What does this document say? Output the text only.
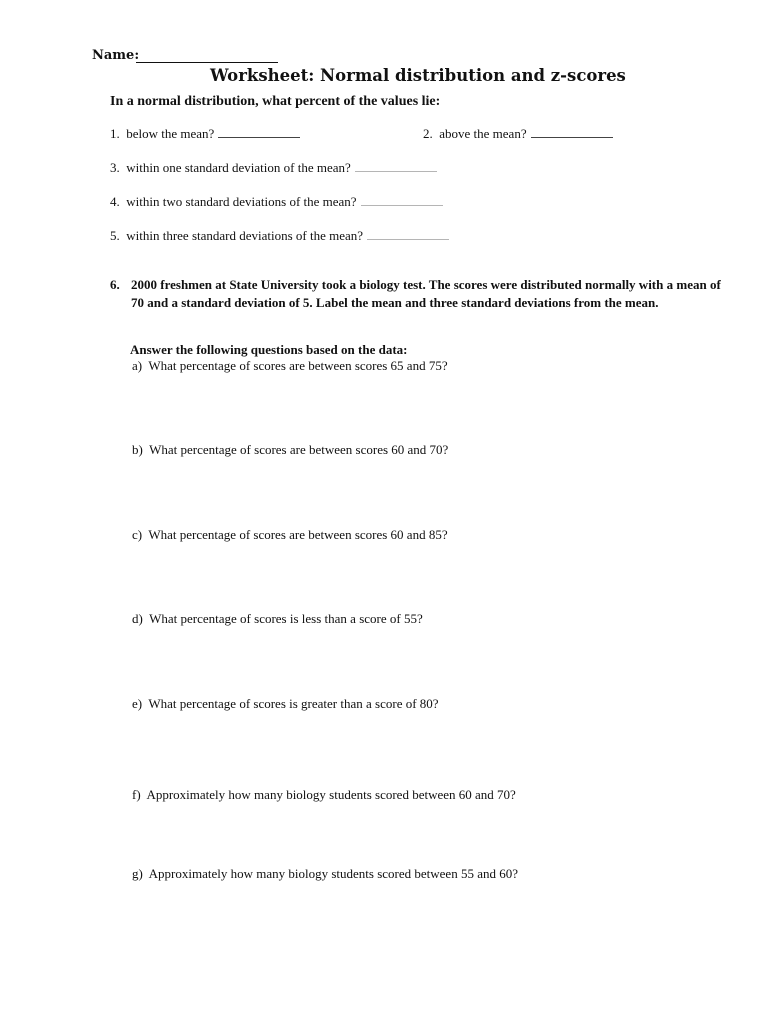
Name:
Worksheet: Normal distribution and z-scores
In a normal distribution, what percent of the values lie:
1. below the mean?	2. above the mean?
3. within one standard deviation of the mean?
4. within two standard deviations of the mean?
5. within three standard deviations of the mean?
6. 2000 freshmen at State University took a biology test. The scores were distributed normally with a mean of 70 and a standard deviation of 5. Label the mean and three standard deviations from the mean.
Answer the following questions based on the data:
a) What percentage of scores are between scores 65 and 75?
b) What percentage of scores are between scores 60 and 70?
c) What percentage of scores are between scores 60 and 85?
d) What percentage of scores is less than a score of 55?
e) What percentage of scores is greater than a score of 80?
f) Approximately how many biology students scored between 60 and 70?
g) Approximately how many biology students scored between 55 and 60?
